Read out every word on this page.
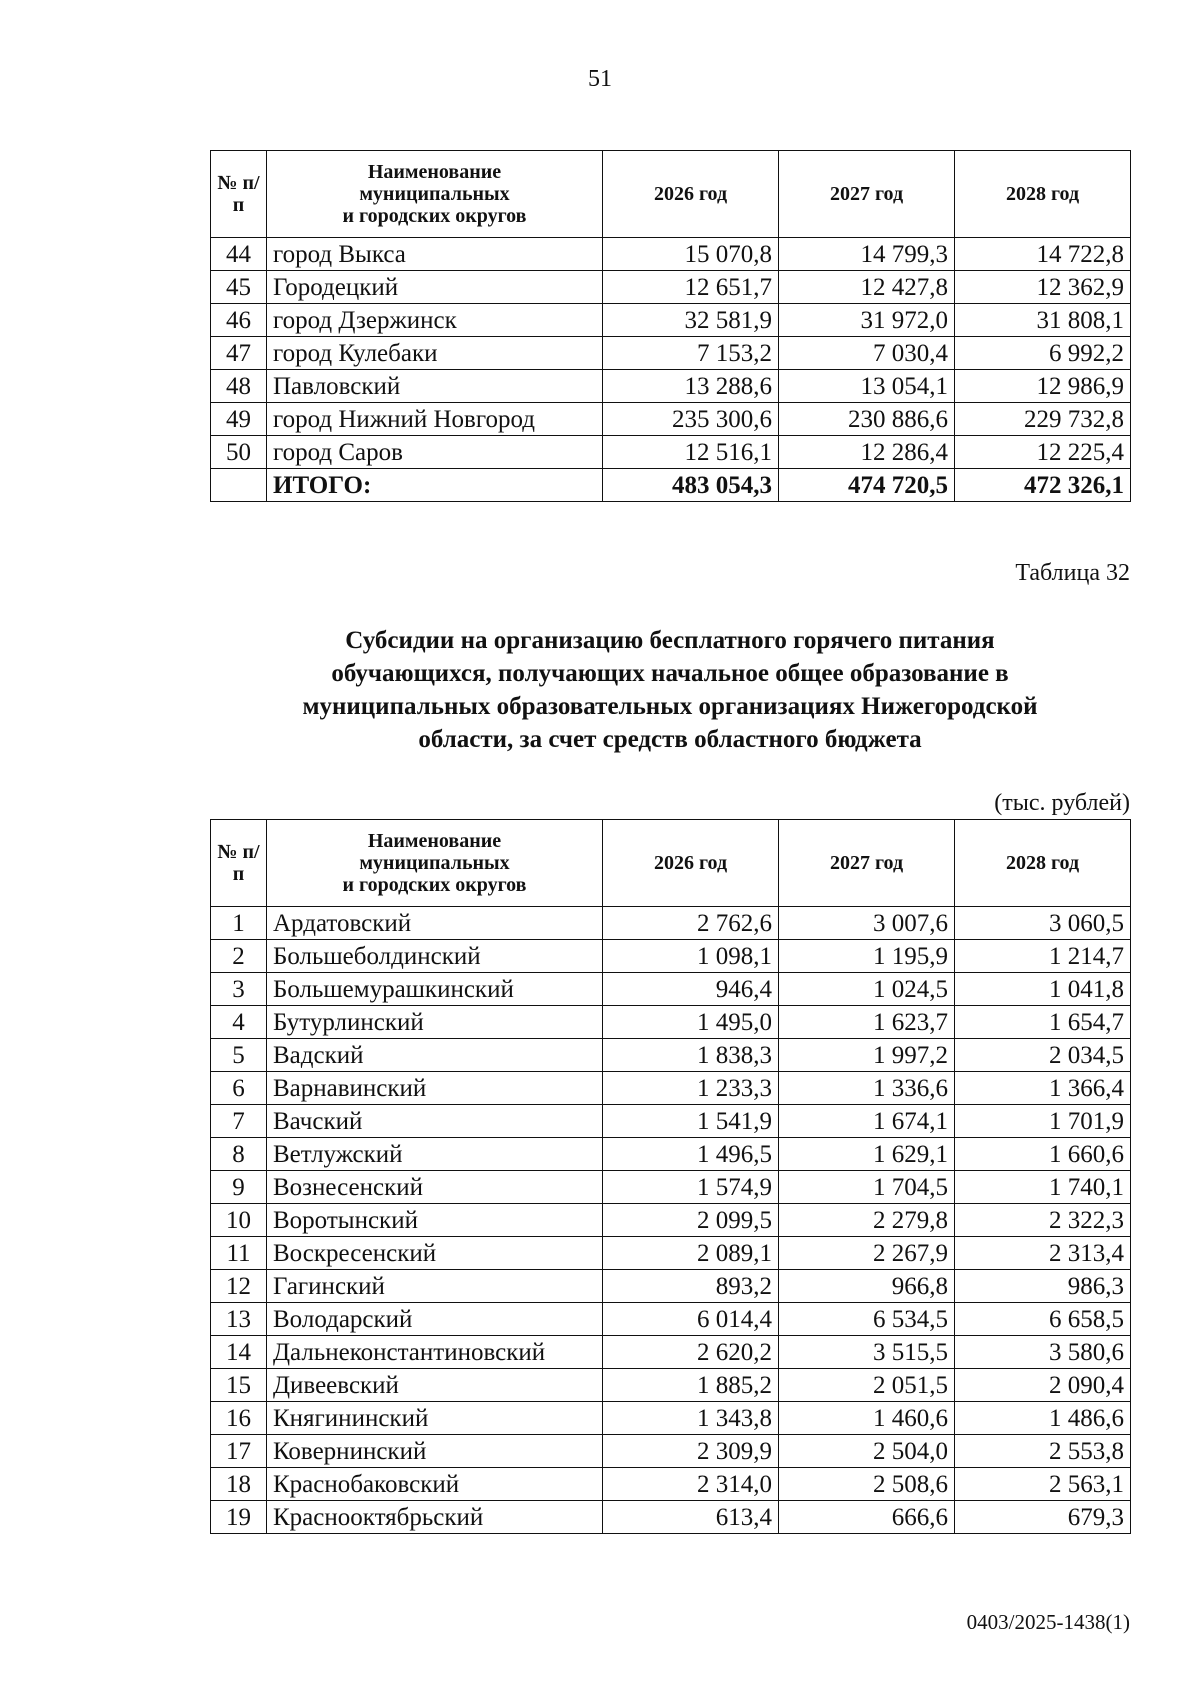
51
№ п/п	Наименование
муниципальных
и городских округов	2026 год	2027 год	2028 год
44	город Выкса	15 070,8	14 799,3	14 722,8
45	Городецкий	12 651,7	12 427,8	12 362,9
46	город Дзержинск	32 581,9	31 972,0	31 808,1
47	город Кулебаки	7 153,2	7 030,4	6 992,2
48	Павловский	13 288,6	13 054,1	12 986,9
49	город Нижний Новгород	235 300,6	230 886,6	229 732,8
50	город Саров	12 516,1	12 286,4	12 225,4
	ИТОГО:	483 054,3	474 720,5	472 326,1
Таблица 32
Субсидии на организацию бесплатного горячего питания
обучающихся, получающих начальное общее образование в
муниципальных образовательных организациях Нижегородской
области, за счет средств областного бюджета
(тыс. рублей)
№ п/п	Наименование
муниципальных
и городских округов	2026 год	2027 год	2028 год
1	Ардатовский	2 762,6	3 007,6	3 060,5
2	Большеболдинский	1 098,1	1 195,9	1 214,7
3	Большемурашкинский	946,4	1 024,5	1 041,8
4	Бутурлинский	1 495,0	1 623,7	1 654,7
5	Вадский	1 838,3	1 997,2	2 034,5
6	Варнавинский	1 233,3	1 336,6	1 366,4
7	Вачский	1 541,9	1 674,1	1 701,9
8	Ветлужский	1 496,5	1 629,1	1 660,6
9	Вознесенский	1 574,9	1 704,5	1 740,1
10	Воротынский	2 099,5	2 279,8	2 322,3
11	Воскресенский	2 089,1	2 267,9	2 313,4
12	Гагинский	893,2	966,8	986,3
13	Володарский	6 014,4	6 534,5	6 658,5
14	Дальнеконстантиновский	2 620,2	3 515,5	3 580,6
15	Дивеевский	1 885,2	2 051,5	2 090,4
16	Княгининский	1 343,8	1 460,6	1 486,6
17	Ковернинский	2 309,9	2 504,0	2 553,8
18	Краснобаковский	2 314,0	2 508,6	2 563,1
19	Краснооктябрьский	613,4	666,6	679,3
0403/2025-1438(1)
